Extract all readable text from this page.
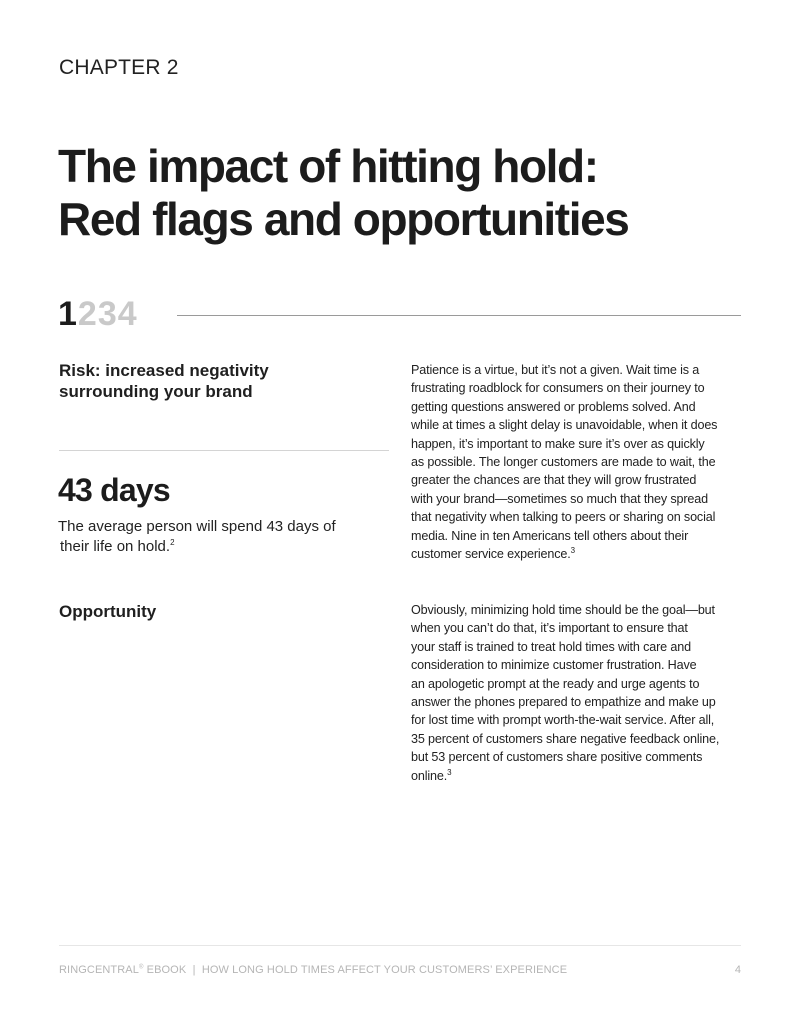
CHAPTER 2
The impact of hitting hold:
Red flags and opportunities
1234
Risk: increased negativity
surrounding your brand
43 days
The average person will spend 43 days of
their life on hold.$^2$
Opportunity
Patience is a virtue, but it’s not a given. Wait time is a
frustrating roadblock for consumers on their journey to
getting questions answered or problems solved. And
while at times a slight delay is unavoidable, when it does
happen, it’s important to make sure it’s over as quickly
as possible. The longer customers are made to wait, the
greater the chances are that they will grow frustrated
with your brand—sometimes so much that they spread
that negativity when talking to peers or sharing on social
media. Nine in ten Americans tell others about their
customer service experience.$^3$
Obviously, minimizing hold time should be the goal—but
when you can’t do that, it’s important to ensure that
your staff is trained to treat hold times with care and
consideration to minimize customer frustration. Have
an apologetic prompt at the ready and urge agents to
answer the phones prepared to empathize and make up
for lost time with prompt worth-the-wait service. After all,
35 percent of customers share negative feedback online,
but 53 percent of customers share positive comments
online.$^3$
RINGCENTRAL® EBOOK  |  HOW LONG HOLD TIMES AFFECT YOUR CUSTOMERS’ EXPERIENCE	4
